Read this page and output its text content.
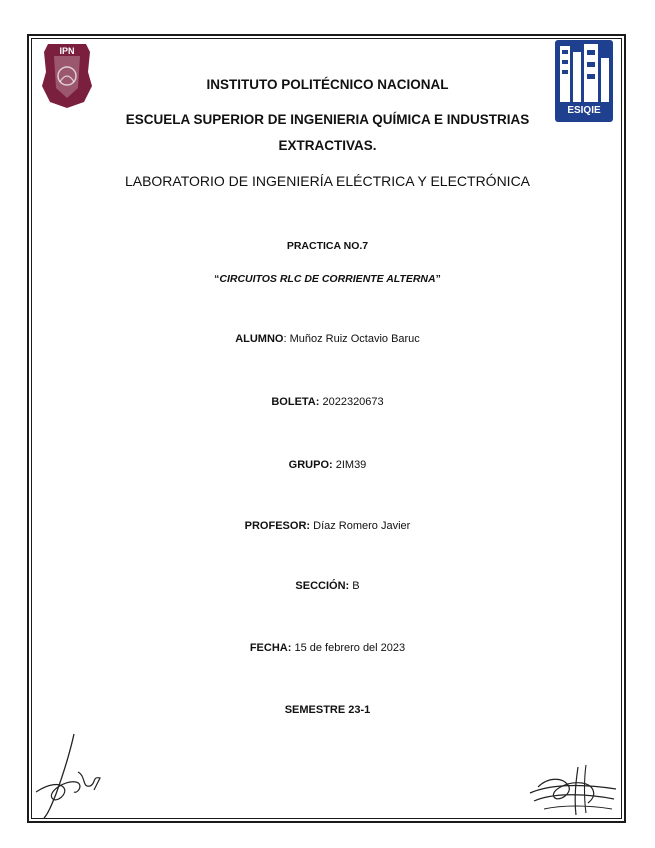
IPN
ESIQIE
INSTITUTO POLITÉCNICO NACIONAL
ESCUELA SUPERIOR DE INGENIERIA QUÍMICA E INDUSTRIAS
EXTRACTIVAS.
LABORATORIO DE INGENIERÍA ELÉCTRICA Y ELECTRÓNICA
PRACTICA NO.7
“CIRCUITOS RLC DE CORRIENTE ALTERNA”
ALUMNO: Muñoz Ruiz Octavio Baruc
BOLETA: 2022320673
GRUPO: 2IM39
PROFESOR: Díaz Romero Javier
SECCIÓN: B
FECHA: 15 de febrero del 2023
SEMESTRE 23-1
